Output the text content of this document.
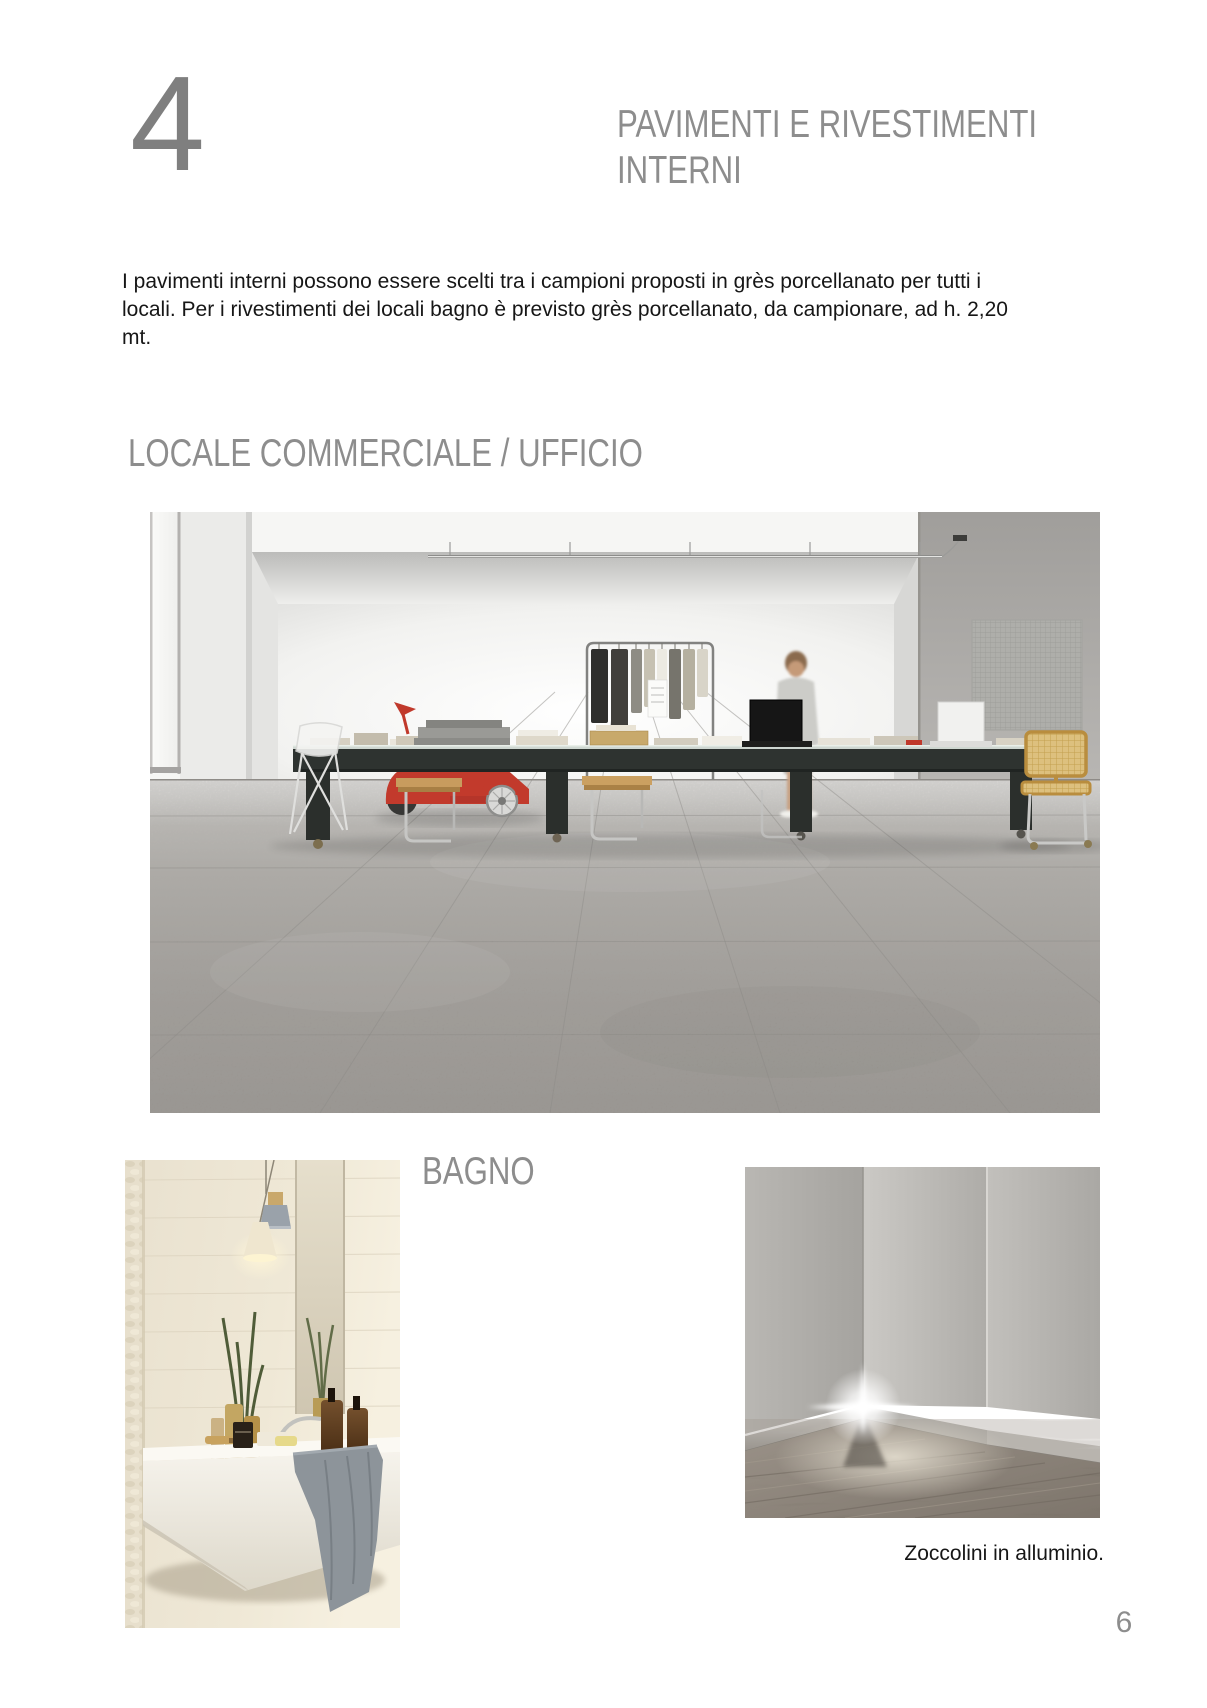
4	PAVIMENTI E RIVESTIMENTI
INTERNI
I pavimenti interni possono essere scelti tra i campioni proposti in grès porcellanato per tutti i locali. Per i rivestimenti dei locali bagno è previsto grès porcellanato, da campionare, ad h. 2,20 mt.
LOCALE COMMERCIALE / UFFICIO
BAGNO
Zoccolini in alluminio.
6
